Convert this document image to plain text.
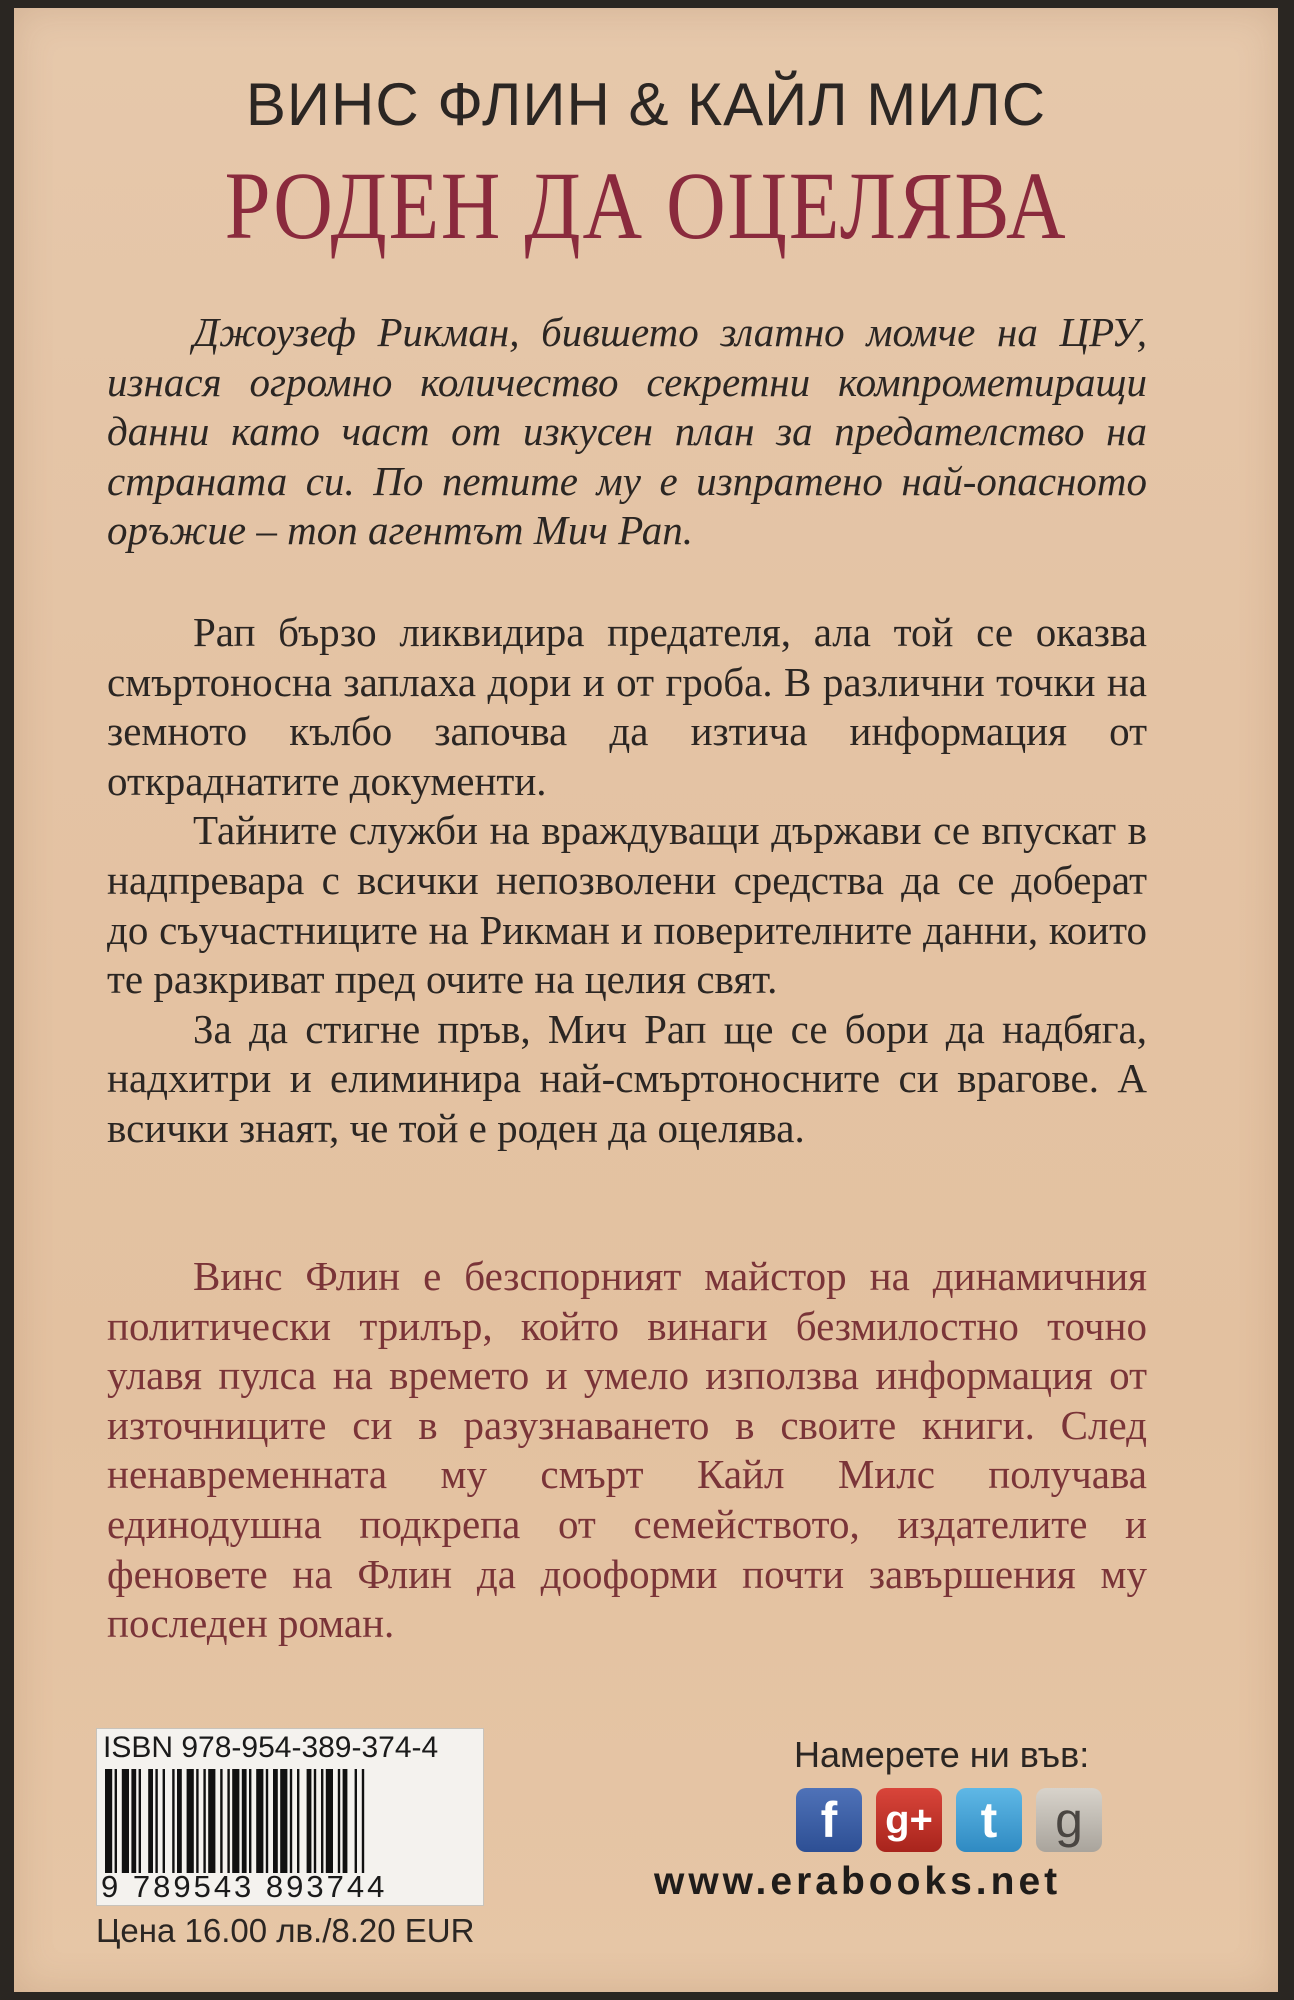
ВИНС ФЛИН & КАЙЛ МИЛС
РОДЕН ДА ОЦЕЛЯВА

Джоузеф Рикман, бившето златно момче на ЦРУ, изнася огромно количество секретни компрометиращи данни като част от изкусен план за предателство на страната си. По петите му е изпратено най-опасното оръжие – топ агентът Мич Рап.

Рап бързо ликвидира предателя, ала той се оказва смъртоносна заплаха дори и от гроба. В различни точки на земното кълбо започва да изтича информация от откраднатите документи.

Тайните служби на враждуващи държави се впускат в надпревара с всички непозволени средства да се доберат до съучастниците на Рикман и поверителните данни, които те разкриват пред очите на целия свят.

За да стигне пръв, Мич Рап ще се бори да надбяга, надхитри и елиминира най-смъртоносните си врагове. А всички знаят, че той е роден да оцелява.

Винс Флин е безспорният майстор на динамичния политически трилър, който винаги безмилостно точно улавя пулса на времето и умело използва информация от източниците си в разузнаването в своите книги. След ненавременната му смърт Кайл Милс получава единодушна подкрепа от семейството, издателите и феновете на Флин да дооформи почти завършения му последен роман.

ISBN 978-954-389-374-4
9 789543 893744
Цена 16.00 лв./8.20 EUR
Намерете ни във:
f	g+ t	g
www.erabooks.net
